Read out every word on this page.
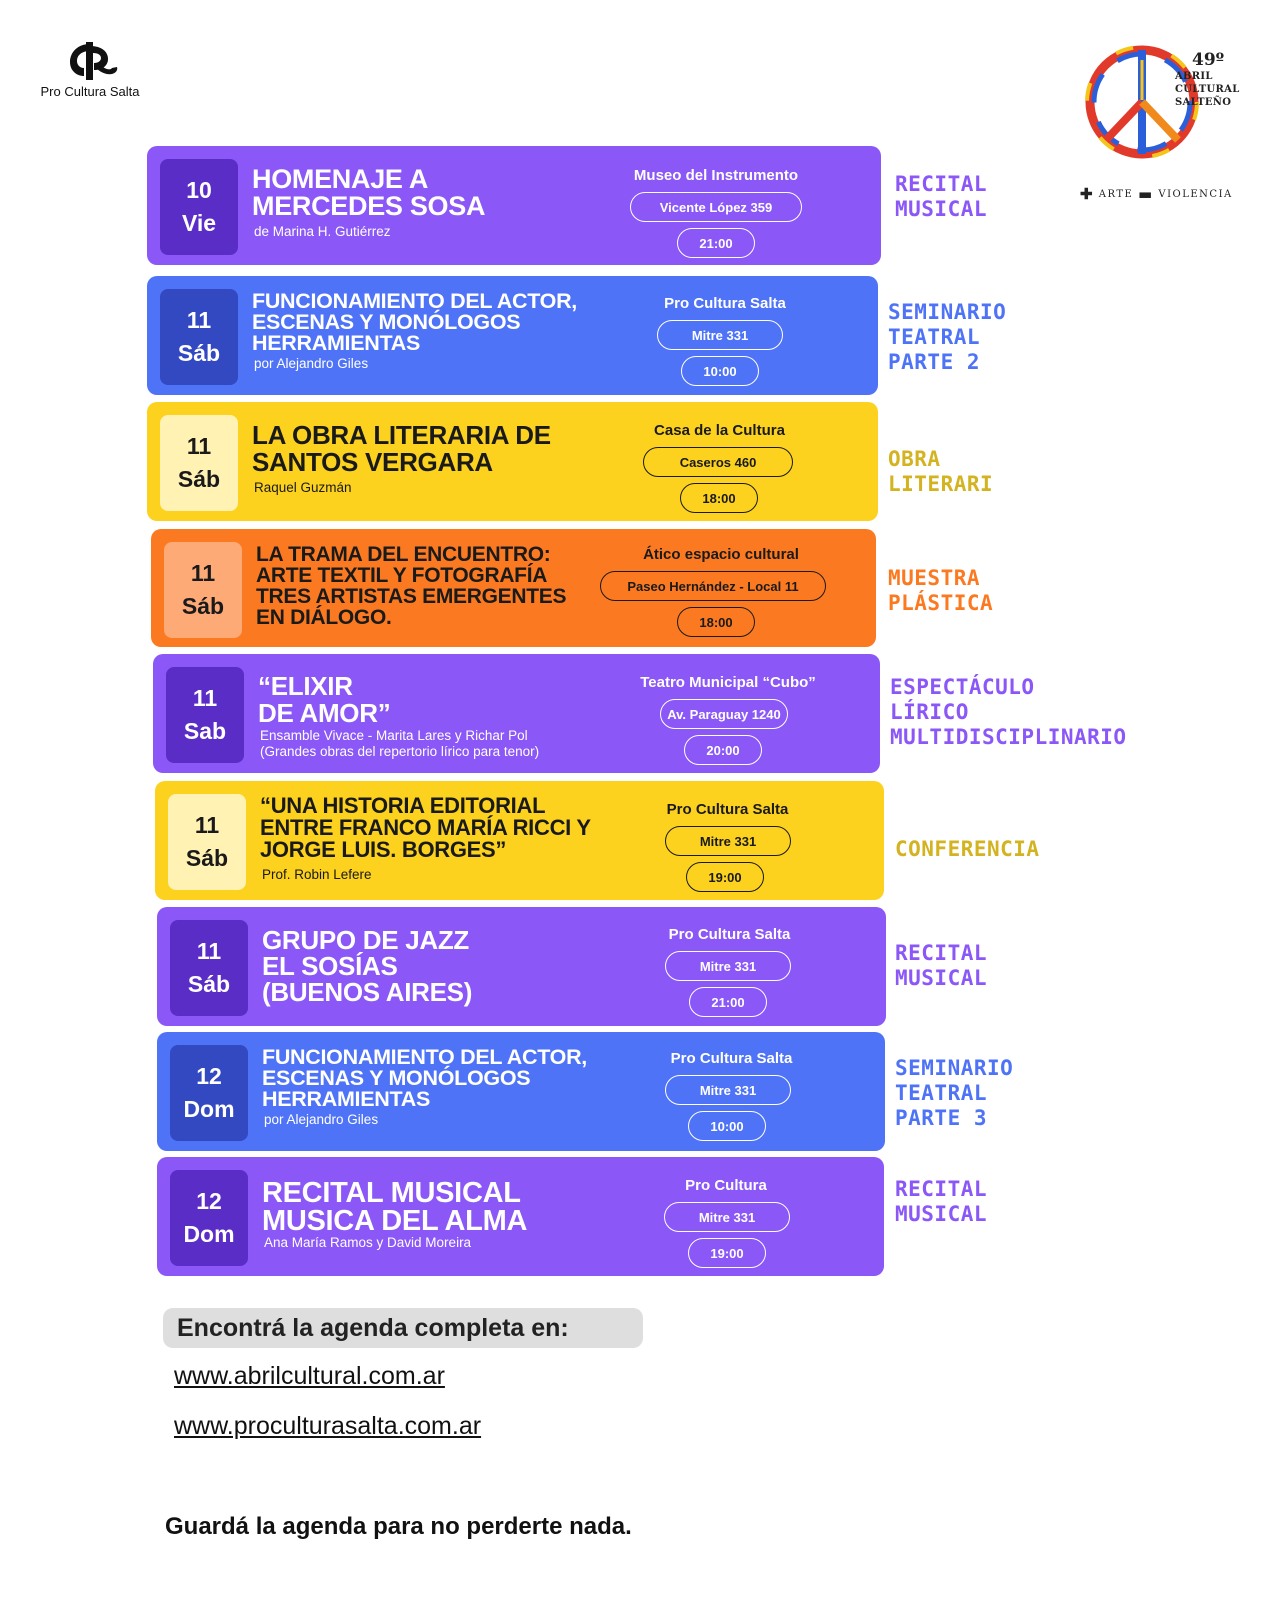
Pro Cultura Salta
49º
ABRIL
CULTURAL
SALTEÑO
✚ ARTE ▬ VIOLENCIA
10
Vie
HOMENAJE A
MERCEDES SOSA
de Marina H. Gutiérrez
Museo del Instrumento
Vicente López 359
21:00
RECITAL
MUSICAL
11
Sáb
FUNCIONAMIENTO DEL ACTOR,
ESCENAS Y MONÓLOGOS
HERRAMIENTAS
por Alejandro Giles
Pro Cultura Salta
Mitre 331
10:00
SEMINARIO
TEATRAL
PARTE 2
11
Sáb
LA OBRA LITERARIA DE
SANTOS VERGARA
Raquel Guzmán
Casa de la Cultura
Caseros 460
18:00
OBRA
LITERARI
11
Sáb
LA TRAMA DEL ENCUENTRO:
ARTE TEXTIL Y FOTOGRAFÍA
TRES ARTISTAS EMERGENTES
EN DIÁLOGO.
Ático espacio cultural
Paseo Hernández - Local 11
18:00
MUESTRA
PLÁSTICA
11
Sab
“ELIXIR
DE AMOR”
Ensamble Vivace - Marita Lares y Richar Pol
(Grandes obras del repertorio lírico para tenor)
Teatro Municipal “Cubo”
Av. Paraguay 1240
20:00
ESPECTÁCULO
LÍRICO
MULTIDISCIPLINARIO
11
Sáb
“UNA HISTORIA EDITORIAL
ENTRE FRANCO MARÍA RICCI Y
JORGE LUIS. BORGES”
Prof. Robin Lefere
Pro Cultura Salta
Mitre 331
19:00
CONFERENCIA
11
Sáb
GRUPO DE JAZZ
EL SOSÍAS
(BUENOS AIRES)
Pro Cultura Salta
Mitre 331
21:00
RECITAL
MUSICAL
12
Dom
FUNCIONAMIENTO DEL ACTOR,
ESCENAS Y MONÓLOGOS
HERRAMIENTAS
por Alejandro Giles
Pro Cultura Salta
Mitre 331
10:00
SEMINARIO
TEATRAL
PARTE 3
12
Dom
RECITAL MUSICAL
MUSICA DEL ALMA
Ana María Ramos y David Moreira
Pro Cultura
Mitre 331
19:00
RECITAL
MUSICAL
Encontrá la agenda completa en:
www.abrilcultural.com.ar
www.proculturasalta.com.ar
Guardá la agenda para no perderte nada.
